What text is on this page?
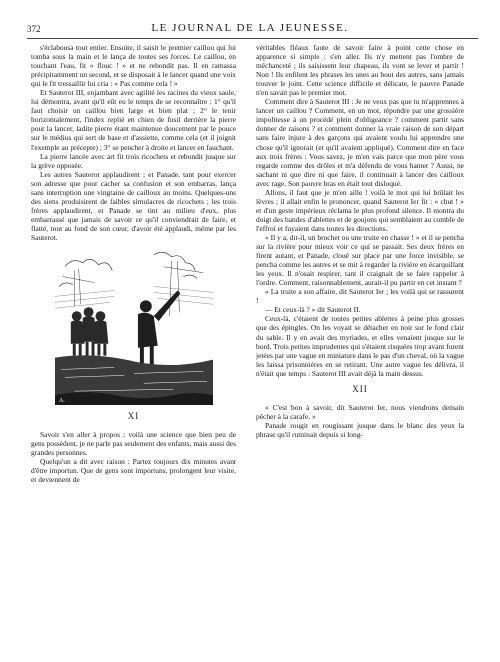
372	LE JOURNAL DE LA JEUNESSE.

s'éclabousa tout entier. Ensuite, il saisit le premier caillou qui lui tomba sous la main et le lança de toutes ses forces. Le caillou, en touchant l'eau, fit « flouc ! » et ne rebondit pas. Il en ramassa précipitamment un second, et se disposait à le lancer quand une voix qui le fit tressaillir lui cria : « Pas comme cela ! »

Et Sauterot III, enjambant avec agilité les racines du vieux saule, lui démontra, avant qu'il eût eu le temps de se reconnaître : 1° qu'il faut choisir un caillou bien large et bien plat ; 2° le tenir horizontalement, l'index replié en chien de fusil derrière la pierre pour la lancer, ladite pierre étant maintenue doucement par le pouce sur le médius qui sert de base et d'assiette, comme cela (et il joignit l'exemple au précepte) ; 3° se pencher à droite et lancer en fauchant.

La pierre lancée avec art fit trois ricochets et rebondit jusque sur la grève opposée.

Les autres Sauterot applaudirent ; et Panade, tant pour exercer son adresse que pour cacher sa confusion et son embarras, lança sans interruption une vingtaine de cailloux au moins. Quelques-uns des siens produisirent de faibles simulacres de ricochets ; les trois frères applaudirent, et Panade se tint au milieu d'eux, plus embarrassé que jamais de savoir ce qu'il conviendrait de faire, et flatté, tout au fond de son cœur, d'avoir été applaudi, même par les Sauterot.

A.
XI

Savoir s'en aller à propos : voilà une science que bien peu de gens possèdent, je ne parle pas seulement des enfants, mais aussi des grandes personnes.

Quelqu'un a dit avec raison : Partez toujours dix minutes avant d'être importun. Que de gens sont importuns, prolongent leur visite, et deviennent de

véritables fléaux faute de savoir faire à point cette chose en apparence si simple : s'en aller. Ils n'y mettent pas l'ombre de méchanceté ; ils saisissent leur chapeau, ils vont se lever et partir ! Non ! Ils enfilent les phrases les unes au bout des autres, sans jamais trouver le joint. Cette science difficile et délicate, le pauvre Panade n'en savait pas le premier mot.

Comment dire à Sauterot III : Je ne veux pas que tu m'apprennes à lancer un caillou ? Comment, en un mot, répondre par une grossière impolitesse à un procédé plein d'obligeance ? comment partir sans donner de raisons ? et comment donner la vraie raison de son départ sans faire injure à des garçons qui avaient voulu lui apprendre une chose qu'il ignorait (et qu'il avaient appliqué). Comment dire en face aux trois frères : Vous savez, je m'en vais parce que mon père vous regarde comme des drôles et m'a défendu de vous hanter ? Aussi, ne sachant ni que dire ni que faire, il continuait à lancer des cailloux avec rage. Son pauvre bras en était tout disloqué.

Allons, il faut que je m'en aille ! voilà le mot qui lui brûlait les lèvres ; il allait enfin le prononcer, quand Sauterot Ier fit : « chut ! » et d'un geste impérieux réclama le plus profond silence. Il montra du doigt des bandes d'ablettes et de goujons qui semblaient au comble de l'effroi et fuyaient dans toutes les directions.

« Il y a, dit-il, un brochet ou une truite en chasse ! » et il se pencha sur la rivière pour mieux voir ce qui se passait. Ses deux frères en firent autant, et Panade, cloué sur place par une force invisible, se pencha comme les autres et se mit à regarder la rivière en écarquillant les yeux. Il n'osait respirer, tant il craignait de se faire rappeler à l'ordre. Comment, raisonnablement, aurait-il pu partir en cet instant ?

« La truite a son affaire, dit Sauterot Ier ; les voilà qui se rassurent !

— Et ceux-là ? » dit Sauterot II.

Ceux-là, c'étaient de toutes petites ablettes à peine plus grosses que des épingles. On les voyait se détacher en noir sur le fond clair du sable. Il y en avait des myriades, et elles venaient jusque sur le bord. Trois petites imprudentes qui s'étaient risquées trop avant furent jetées par une vague en miniature dans le pas d'un cheval, où la vague les laissa prisonnières en se retirant. Une autre vague les délivra, il n'était que temps : Sauterot III avait déjà la main dessus.

XII

« C'est bon à savoir, dit Sauterot Ier, nous viendrons demain pêcher à la carafe. »

Panade rougit en rougissant jusque dans le blanc des yeux la phrase qu'il ruminait depuis si long-
